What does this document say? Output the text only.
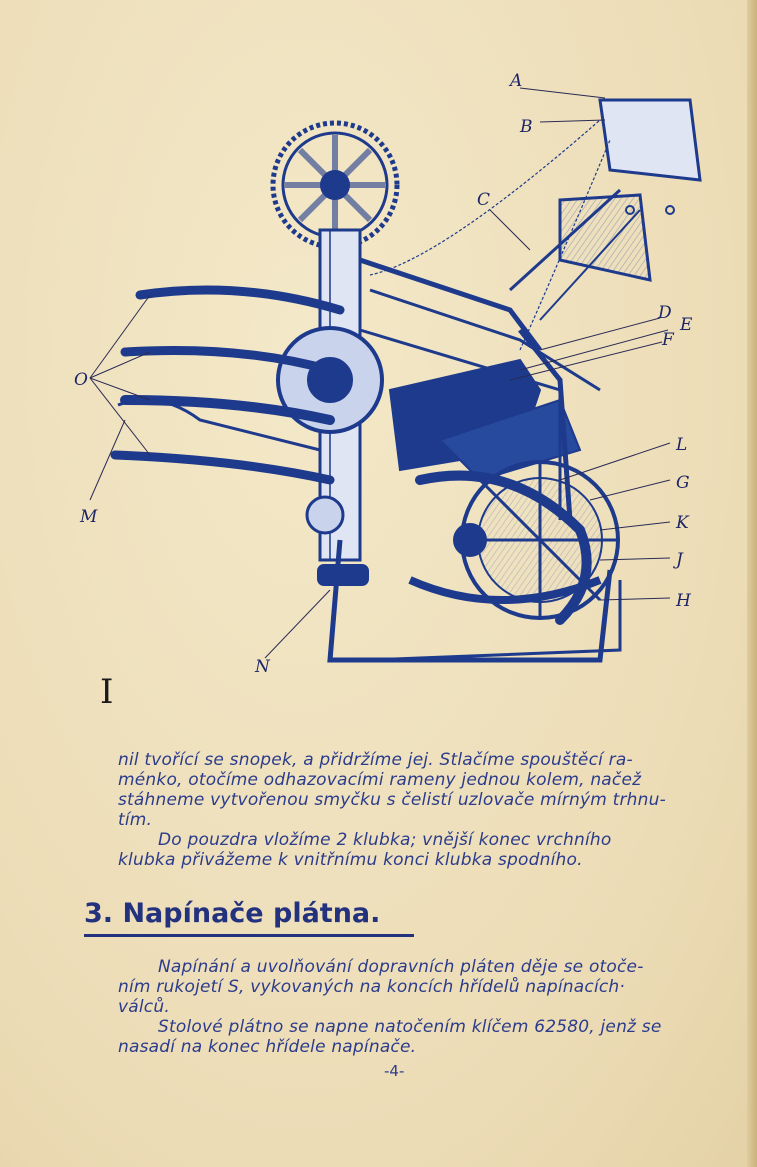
A
B
C
D
E
F
O
L
G
K
J
H
M
N
I
nil tvořící se snopek, a přidržíme jej. Stlačíme spouštěcí ra-
ménko, otočíme odhazovacími rameny jednou kolem, načež
stáhneme vytvořenou smyčku s čelistí uzlovače mírným trhnu-
tím.
Do pouzdra vložíme 2 klubka; vnější konec vrchního
klubka přivážeme k vnitřnímu konci klubka spodního.
3. Napínače plátna.
Napínání a uvolňování dopravních pláten děje se otoče-
ním rukojetí S, vykovaných na koncích hřídelů napínacích·
válců.
Stolové plátno se napne natočením klíčem 62580, jenž se
nasadí na konec hřídele napínače.
-4-
